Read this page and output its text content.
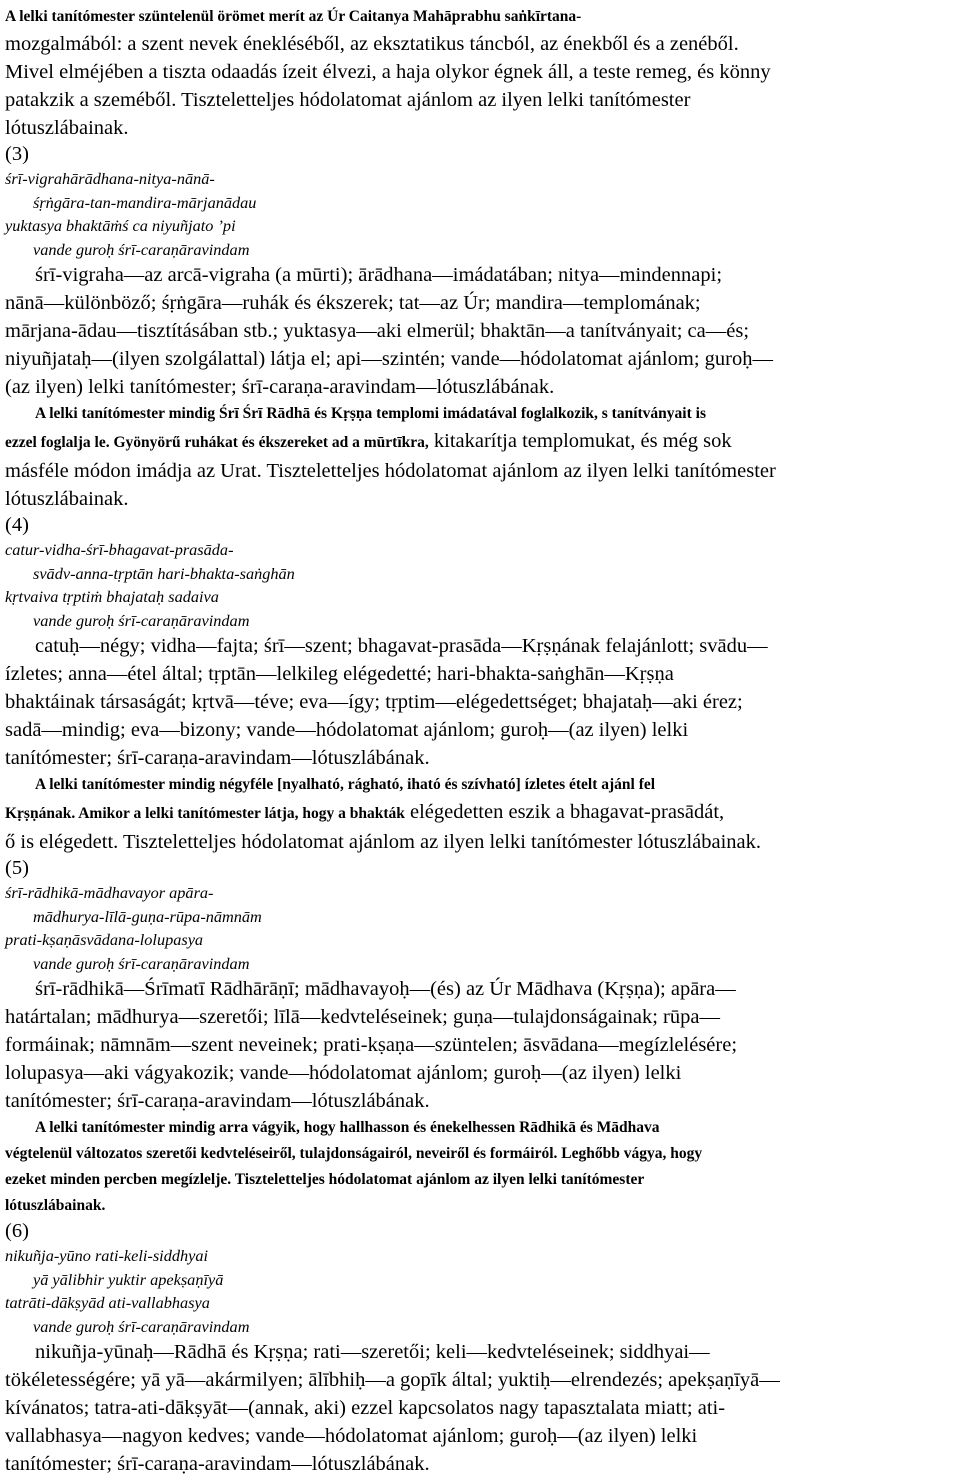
A lelki tanítómester szüntelenül örömet merít az Úr Caitanya Mahāprabhu saṅkīrtana-
mozgalmából: a szent nevek énekléséből, az eksztatikus táncból, az énekből és a zenéből.
Mivel elméjében a tiszta odaadás ízeit élvezi, a haja olykor égnek áll, a teste remeg, és könny
patakzik a szeméből. Tiszteletteljes hódolatomat ajánlom az ilyen lelki tanítómester
lótuszlábainak.
(3)
śrī-vigrahārādhana-nitya-nānā-
śṛṅgāra-tan-mandira-mārjanādau
yuktasya bhaktāṁś ca niyuñjato ’pi
vande guroḥ śrī-caraṇāravindam
śrī-vigraha—az arcā-vigraha (a mūrti); ārādhana—imádatában; nitya—mindennapi;
nānā—különböző; śṛṅgāra—ruhák és ékszerek; tat—az Úr; mandira—templomának;
mārjana-ādau—tisztításában stb.; yuktasya—aki elmerül; bhaktān—a tanítványait; ca—és;
niyuñjataḥ—(ilyen szolgálattal) látja el; api—szintén; vande—hódolatomat ajánlom; guroḥ—
(az ilyen) lelki tanítómester; śrī-caraṇa-aravindam—lótuszlábának.
A lelki tanítómester mindig Śrī Śrī Rādhā és Kṛṣṇa templomi imádatával foglalkozik, s tanítványait is
ezzel foglalja le. Gyönyörű ruhákat és ékszereket ad a mūrtīkra, kitakarítja templomukat, és még sok
másféle módon imádja az Urat. Tiszteletteljes hódolatomat ajánlom az ilyen lelki tanítómester
lótuszlábainak.
(4)
catur-vidha-śrī-bhagavat-prasāda-
svādv-anna-tṛptān hari-bhakta-saṅghān
kṛtvaiva tṛptiṁ bhajataḥ sadaiva
vande guroḥ śrī-caraṇāravindam
catuḥ—négy; vidha—fajta; śrī—szent; bhagavat-prasāda—Kṛṣṇának felajánlott; svādu—
ízletes; anna—étel által; tṛptān—lelkileg elégedetté; hari-bhakta-saṅghān—Kṛṣṇa
bhaktáinak társaságát; kṛtvā—téve; eva—így; tṛptim—elégedettséget; bhajataḥ—aki érez;
sadā—mindig; eva—bizony; vande—hódolatomat ajánlom; guroḥ—(az ilyen) lelki
tanítómester; śrī-caraṇa-aravindam—lótuszlábának.
A lelki tanítómester mindig négyféle [nyalható, rágható, iható és szívható] ízletes ételt ajánl fel
Kṛṣṇának. Amikor a lelki tanítómester látja, hogy a bhakták elégedetten eszik a bhagavat-prasādát,
ő is elégedett. Tiszteletteljes hódolatomat ajánlom az ilyen lelki tanítómester lótuszlábainak.
(5)
śrī-rādhikā-mādhavayor apāra-
mādhurya-līlā-guṇa-rūpa-nāmnām
prati-kṣaṇāsvādana-lolupasya
vande guroḥ śrī-caraṇāravindam
śrī-rādhikā—Śrīmatī Rādhārāṇī; mādhavayoḥ—(és) az Úr Mādhava (Kṛṣṇa); apāra—
határtalan; mādhurya—szeretői; līlā—kedvteléseinek; guṇa—tulajdonságainak; rūpa—
formáinak; nāmnām—szent neveinek; prati-kṣaṇa—szüntelen; āsvādana—megízlelésére;
lolupasya—aki vágyakozik; vande—hódolatomat ajánlom; guroḥ—(az ilyen) lelki
tanítómester; śrī-caraṇa-aravindam—lótuszlábának.
A lelki tanítómester mindig arra vágyik, hogy hallhasson és énekelhessen Rādhikā és Mādhava
végtelenül változatos szeretői kedvteléseiről, tulajdonságairól, neveiről és formáiról. Leghőbb vágya, hogy
ezeket minden percben megízlelje. Tiszteletteljes hódolatomat ajánlom az ilyen lelki tanítómester
lótuszlábainak.
(6)
nikuñja-yūno rati-keli-siddhyai
yā yālibhir yuktir apekṣaṇīyā
tatrāti-dākṣyād ati-vallabhasya
vande guroḥ śrī-caraṇāravindam
nikuñja-yūnaḥ—Rādhā és Kṛṣṇa; rati—szeretői; keli—kedvteléseinek; siddhyai—
tökéletességére; yā yā—akármilyen; ālībhiḥ—a gopīk által; yuktiḥ—elrendezés; apekṣaṇīyā—
kívánatos; tatra-ati-dākṣyāt—(annak, aki) ezzel kapcsolatos nagy tapasztalata miatt; ati-
vallabhasya—nagyon kedves; vande—hódolatomat ajánlom; guroḥ—(az ilyen) lelki
tanítómester; śrī-caraṇa-aravindam—lótuszlábának.
